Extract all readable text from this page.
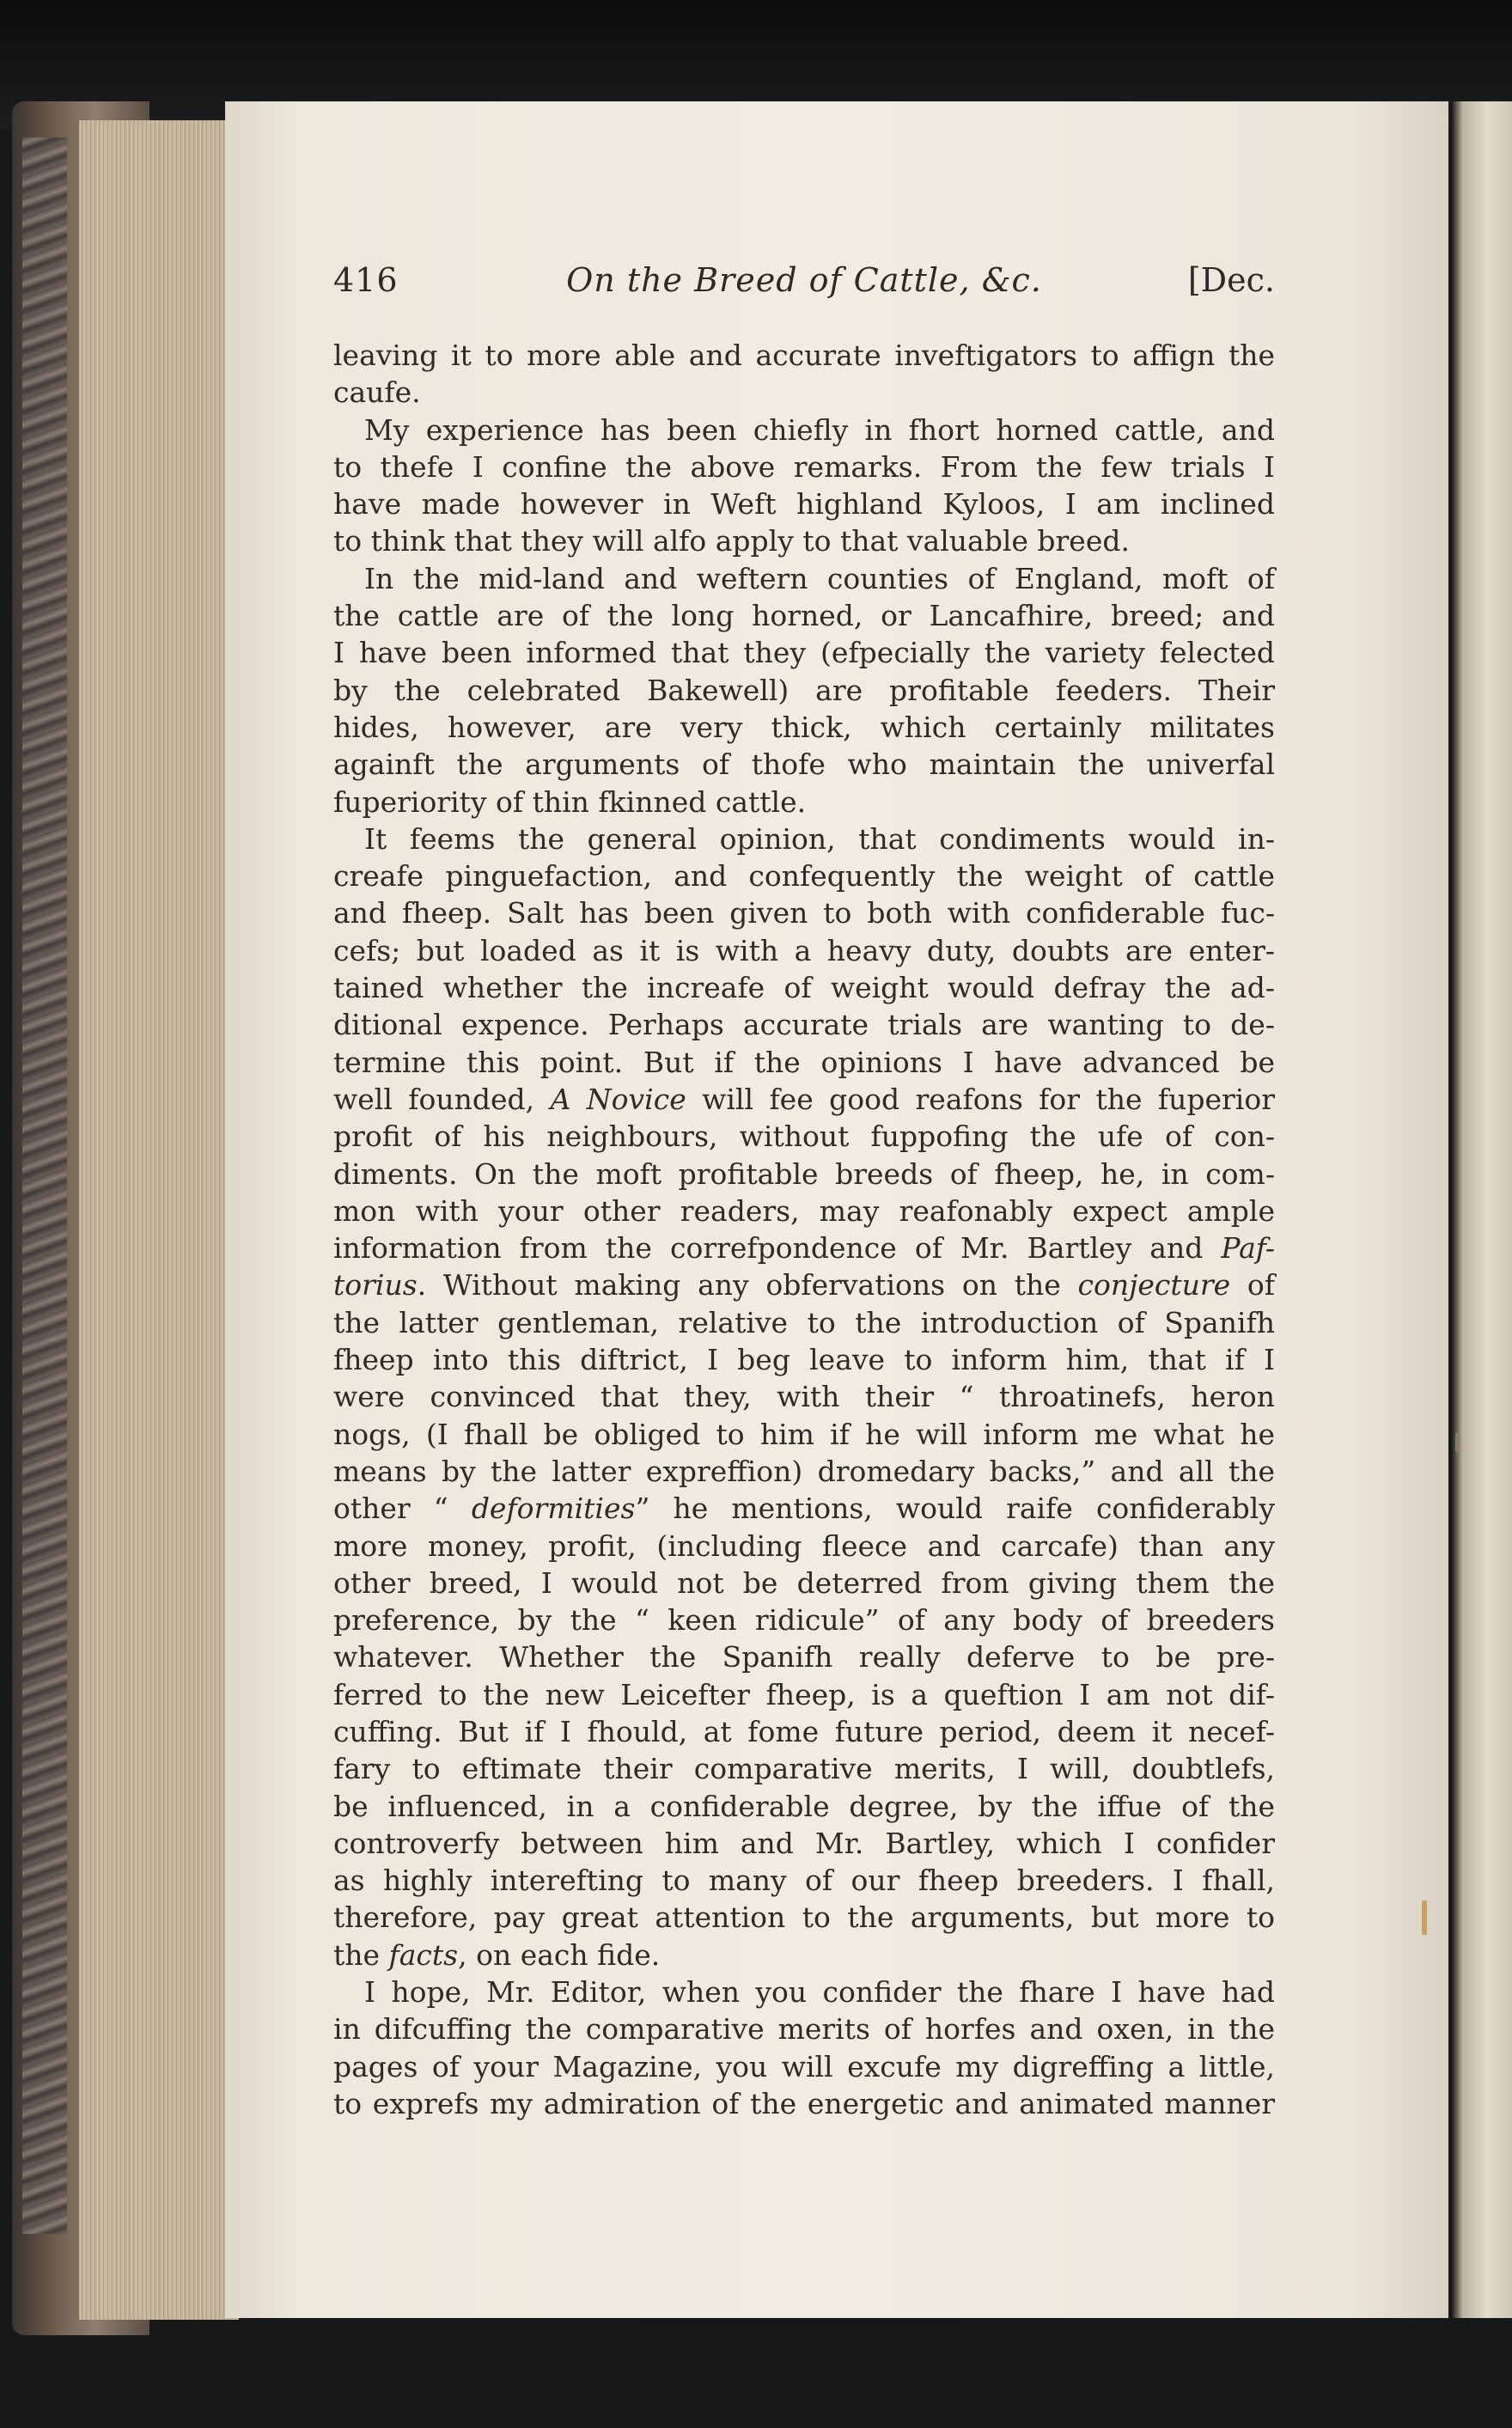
416	On the Breed of Cattle, &c.	[Dec.
leaving it to more able and accurate inveftigators to affign the
caufe.
My experience has been chiefly in fhort horned cattle, and
to thefe I confine the above remarks. From the few trials I
have made however in Weft highland Kyloos, I am inclined
to think that they will alfo apply to that valuable breed.
In the mid-land and weftern counties of England, moft of
the cattle are of the long horned, or Lancafhire, breed; and
I have been informed that they (efpecially the variety felected
by the celebrated Bakewell) are profitable feeders. Their
hides, however, are very thick, which certainly militates
againft the arguments of thofe who maintain the univerfal
fuperiority of thin fkinned cattle.
It feems the general opinion, that condiments would in-
creafe pinguefaction, and confequently the weight of cattle
and fheep. Salt has been given to both with confiderable fuc-
cefs; but loaded as it is with a heavy duty, doubts are enter-
tained whether the increafe of weight would defray the ad-
ditional expence. Perhaps accurate trials are wanting to de-
termine this point. But if the opinions I have advanced be
well founded, A Novice will fee good reafons for the fuperior
profit of his neighbours, without fuppofing the ufe of con-
diments. On the moft profitable breeds of fheep, he, in com-
mon with your other readers, may reafonably expect ample
information from the correfpondence of Mr. Bartley and Paf-
torius. Without making any obfervations on the conjecture of
the latter gentleman, relative to the introduction of Spanifh
fheep into this diftrict, I beg leave to inform him, that if I
were convinced that they, with their “ throatinefs, heron
nogs, (I fhall be obliged to him if he will inform me what he
means by the latter expreffion) dromedary backs,” and all the
other “ deformities” he mentions, would raife confiderably
more money, profit, (including fleece and carcafe) than any
other breed, I would not be deterred from giving them the
preference, by the “ keen ridicule” of any body of breeders
whatever. Whether the Spanifh really deferve to be pre-
ferred to the new Leicefter fheep, is a queftion I am not dif-
cuffing. But if I fhould, at fome future period, deem it necef-
fary to eftimate their comparative merits, I will, doubtlefs,
be influenced, in a confiderable degree, by the iffue of the
controverfy between him and Mr. Bartley, which I confider
as highly interefting to many of our fheep breeders. I fhall,
therefore, pay great attention to the arguments, but more to
the facts, on each fide.
I hope, Mr. Editor, when you confider the fhare I have had
in difcuffing the comparative merits of horfes and oxen, in the
pages of your Magazine, you will excufe my digreffing a little,
to exprefs my admiration of the energetic and animated manner
